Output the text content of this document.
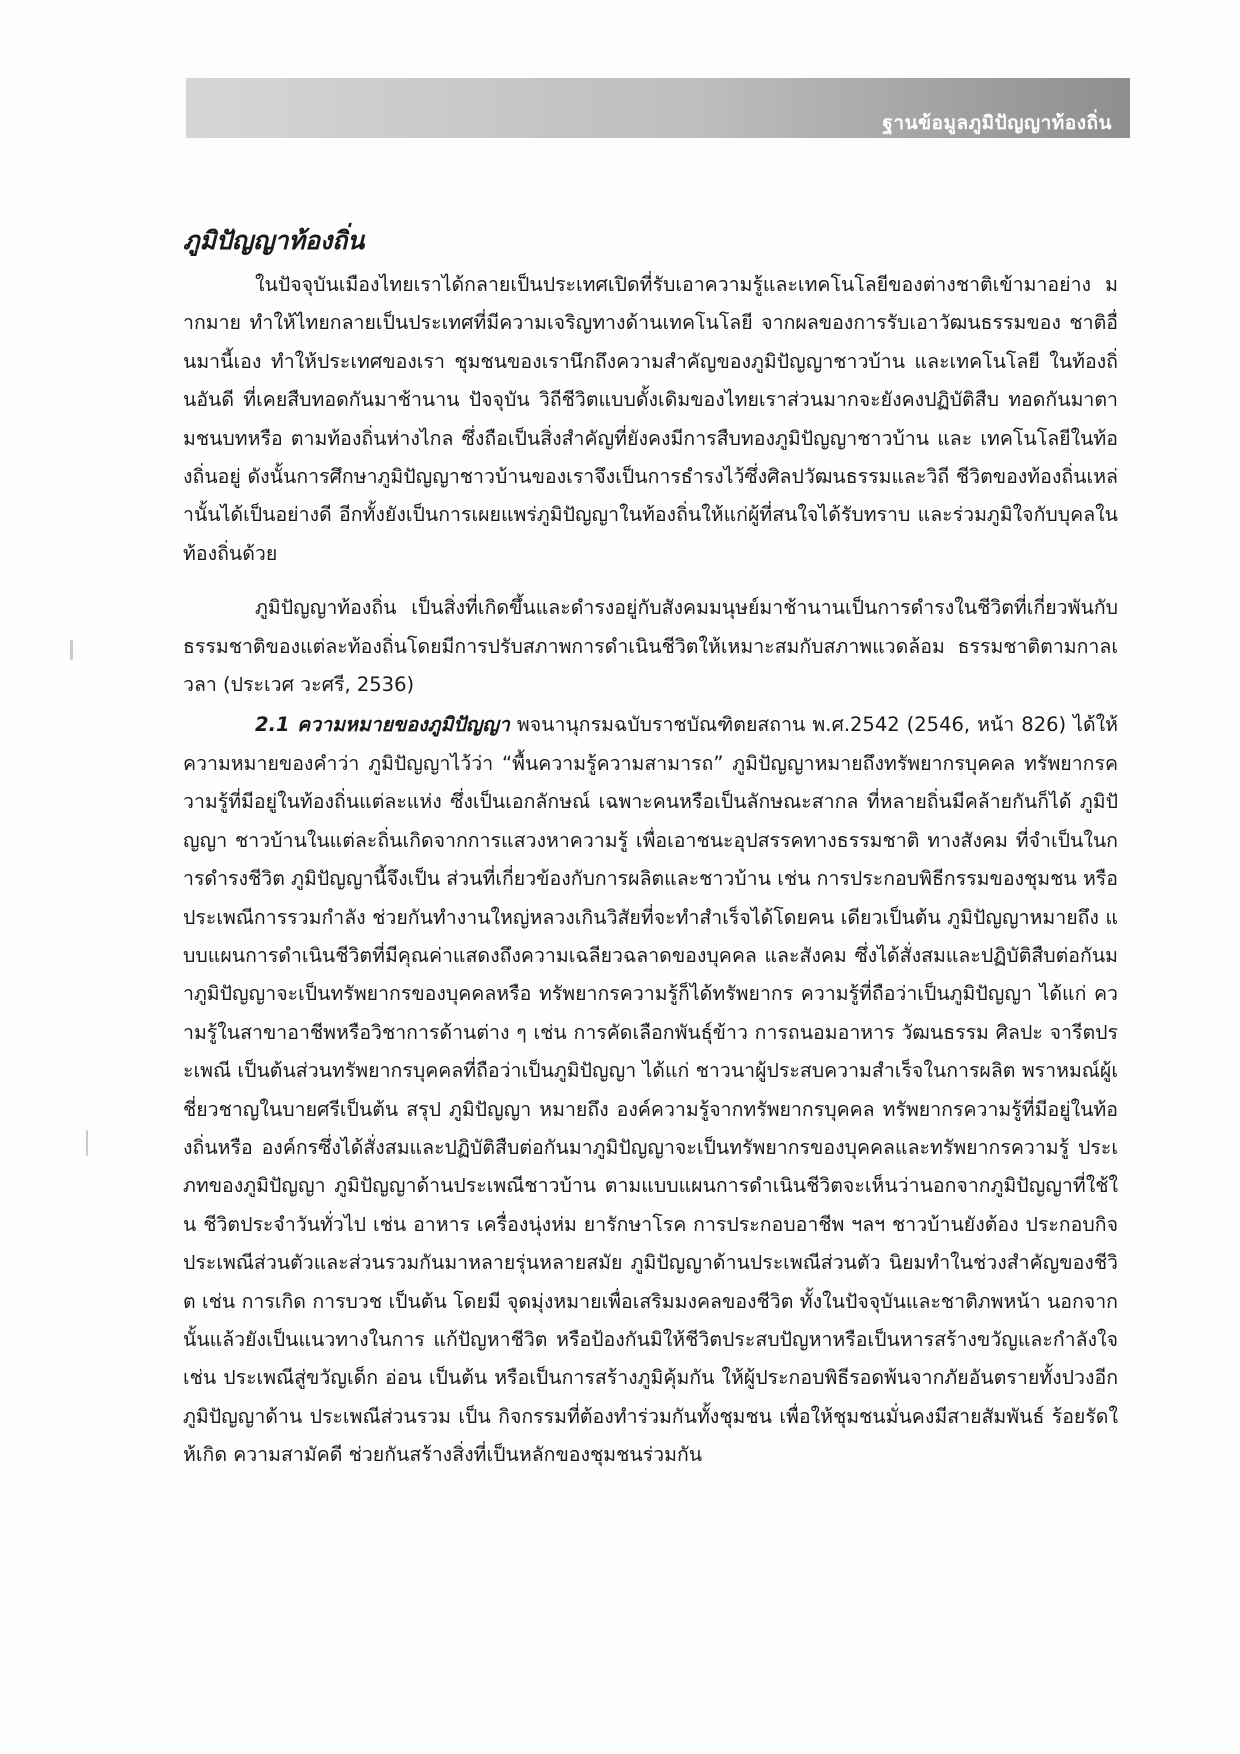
ฐานข้อมูลภูมิปัญญาท้องถิ่น
ภูมิปัญญาท้องถิ่น

ในปัจจุบันเมืองไทยเราได้กลายเป็นประเทศเปิดที่รับเอาความรู้และเทคโนโลยีของต่างชาติเข้ามาอย่าง มากมาย ทำให้ไทยกลายเป็นประเทศที่มีความเจริญทางด้านเทคโนโลยี จากผลของการรับเอาวัฒนธรรมของ ชาติอื่นมานี้เอง ทำให้ประเทศของเรา ชุมชนของเรานึกถึงความสำคัญของภูมิปัญญาชาวบ้าน และเทคโนโลยี ในท้องถิ่นอันดี ที่เคยสืบทอดกันมาช้านาน ปัจจุบัน วิถีชีวิตแบบดั้งเดิมของไทยเราส่วนมากจะยังคงปฏิบัติสืบ ทอดกันมาตามชนบทหรือ ตามท้องถิ่นห่างไกล ซึ่งถือเป็นสิ่งสำคัญที่ยังคงมีการสืบทองภูมิปัญญาชาวบ้าน และ เทคโนโลยีในท้องถิ่นอยู่ ดังนั้นการศึกษาภูมิปัญญาชาวบ้านของเราจึงเป็นการธำรงไว้ซึ่งศิลปวัฒนธรรมและวิถี ชีวิตของท้องถิ่นเหล่านั้นได้เป็นอย่างดี อีกทั้งยังเป็นการเผยแพร่ภูมิปัญญาในท้องถิ่นให้แก่ผู้ที่สนใจได้รับทราบ และร่วมภูมิใจกับบุคลในท้องถิ่นด้วย

ภูมิปัญญาท้องถิ่น เป็นสิ่งที่เกิดขึ้นและดำรงอยู่กับสังคมมนุษย์มาช้านานเป็นการดำรงในชีวิตที่เกี่ยวพันกับธรรมชาติของแต่ละท้องถิ่นโดยมีการปรับสภาพการดำเนินชีวิตให้เหมาะสมกับสภาพแวดล้อม ธรรมชาติตามกาลเวลา (ประเวศ วะศรี, 2536)

2.1 ความหมายของภูมิปัญญา พจนานุกรมฉบับราชบัณฑิตยสถาน พ.ศ.2542 (2546, หน้า 826) ได้ให้ความหมายของคำว่า ภูมิปัญญาไว้ว่า “พื้นความรู้ความสามารถ” ภูมิปัญญาหมายถึงทรัพยากรบุคคล ทรัพยากรความรู้ที่มีอยู่ในท้องถิ่นแต่ละแห่ง ซึ่งเป็นเอกลักษณ์ เฉพาะคนหรือเป็นลักษณะสากล ที่หลายถิ่นมีคล้ายกันก็ได้ ภูมิปัญญา ชาวบ้านในแต่ละถิ่นเกิดจากการแสวงหาความรู้ เพื่อเอาชนะอุปสรรคทางธรรมชาติ ทางสังคม ที่จำเป็นในการดำรงชีวิต ภูมิปัญญานี้จึงเป็น ส่วนที่เกี่ยวข้องกับการผลิตและชาวบ้าน เช่น การประกอบพิธีกรรมของชุมชน หรือประเพณีการรวมกำลัง ช่วยกันทำงานใหญ่หลวงเกินวิสัยที่จะทำสำเร็จได้โดยคน เดียวเป็นต้น ภูมิปัญญาหมายถึง แบบแผนการดำเนินชีวิตที่มีคุณค่าแสดงถึงความเฉลียวฉลาดของบุคคล และสังคม ซึ่งได้สั่งสมและปฏิบัติสืบต่อกันมาภูมิปัญญาจะเป็นทรัพยากรของบุคคลหรือ ทรัพยากรความรู้ก็ได้ทรัพยากร ความรู้ที่ถือว่าเป็นภูมิปัญญา ได้แก่ ความรู้ในสาขาอาชีพหรือวิชาการด้านต่าง ๆ เช่น การคัดเลือกพันธุ์ข้าว การถนอมอาหาร วัฒนธรรม ศิลปะ จารีตประเพณี เป็นต้นส่วนทรัพยากรบุคคลที่ถือว่าเป็นภูมิปัญญา ได้แก่ ชาวนาผู้ประสบความสำเร็จในการผลิต พราหมณ์ผู้เชี่ยวชาญในบายศรีเป็นต้น สรุป ภูมิปัญญา หมายถึง องค์ความรู้จากทรัพยากรบุคคล ทรัพยากรความรู้ที่มีอยู่ในท้องถิ่นหรือ องค์กรซึ่งได้สั่งสมและปฏิบัติสืบต่อกันมาภูมิปัญญาจะเป็นทรัพยากรของบุคคลและทรัพยากรความรู้ ประเภทของภูมิปัญญา ภูมิปัญญาด้านประเพณีชาวบ้าน ตามแบบแผนการดำเนินชีวิตจะเห็นว่านอกจากภูมิปัญญาที่ใช้ใน ชีวิตประจำวันทั่วไป เช่น อาหาร เครื่องนุ่งห่ม ยารักษาโรค การประกอบอาชีพ ฯลฯ ชาวบ้านยังต้อง ประกอบกิจประเพณีส่วนตัวและส่วนรวมกันมาหลายรุ่นหลายสมัย ภูมิปัญญาด้านประเพณีส่วนตัว นิยมทำในช่วงสำคัญของชีวิต เช่น การเกิด การบวช เป็นต้น โดยมี จุดมุ่งหมายเพื่อเสริมมงคลของชีวิต ทั้งในปัจจุบันและชาติภพหน้า นอกจากนั้นแล้วยังเป็นแนวทางในการ แก้ปัญหาชีวิต หรือป้องกันมิให้ชีวิตประสบปัญหาหรือเป็นหารสร้างขวัญและกำลังใจ เช่น ประเพณีสู่ขวัญเด็ก อ่อน เป็นต้น หรือเป็นการสร้างภูมิคุ้มกัน ให้ผู้ประกอบพิธีรอดพ้นจากภัยอันตรายทั้งปวงอีกภูมิปัญญาด้าน ประเพณีส่วนรวม เป็น กิจกรรมที่ต้องทำร่วมกันทั้งชุมชน เพื่อให้ชุมชนมั่นคงมีสายสัมพันธ์ ร้อยรัดให้เกิด ความสามัคดี ช่วยกันสร้างสิ่งที่เป็นหลักของชุมชนร่วมกัน
